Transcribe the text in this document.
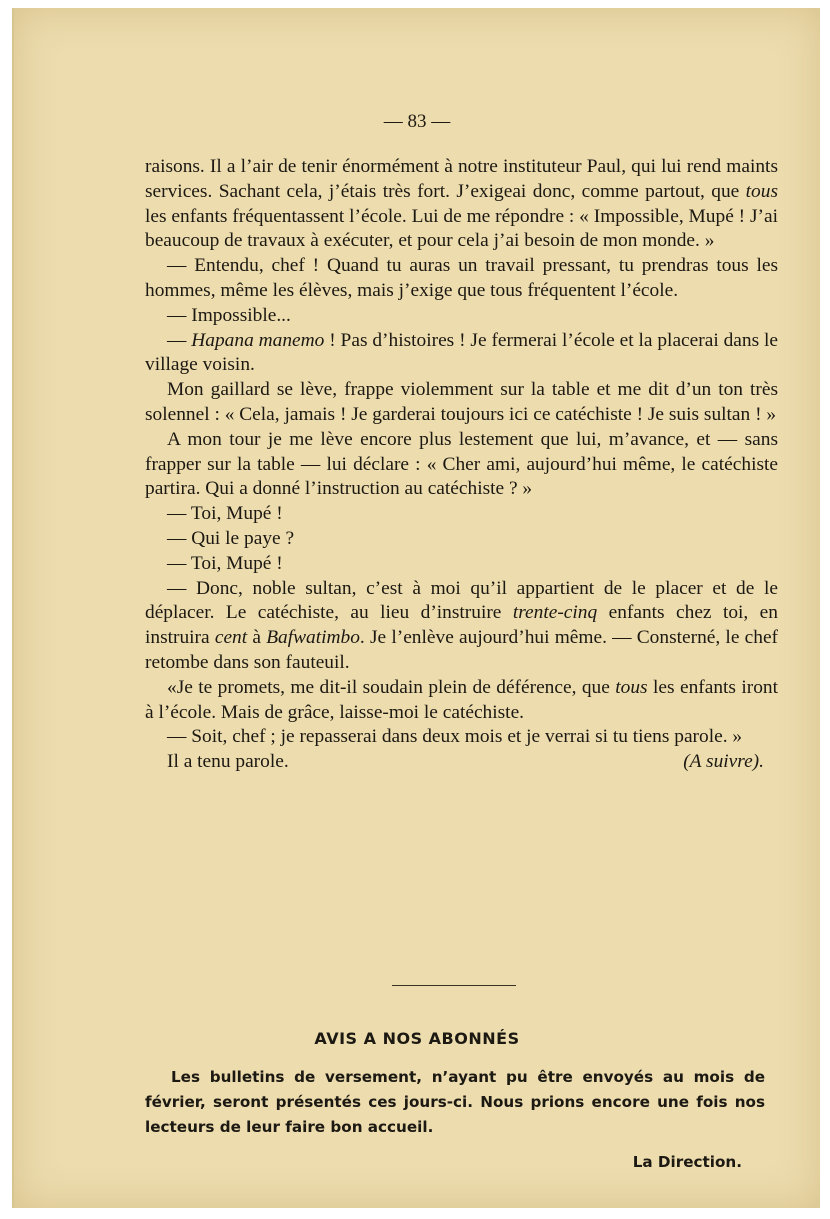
— 83 —

raisons. Il a l’air de tenir énormément à notre instituteur Paul, qui lui rend maints services. Sachant cela, j’étais très fort. J’exigeai donc, comme partout, que tous les enfants fréquentassent l’école. Lui de me répondre : « Impossible, Mupé ! J’ai beaucoup de travaux à exécuter, et pour cela j’ai besoin de mon monde. »

— Entendu, chef ! Quand tu auras un travail pressant, tu prendras tous les hommes, même les élèves, mais j’exige que tous fréquentent l’école.

— Impossible...

— Hapana manemo ! Pas d’histoires ! Je fermerai l’école et la placerai dans le village voisin.

Mon gaillard se lève, frappe violemment sur la table et me dit d’un ton très solennel : « Cela, jamais ! Je garderai toujours ici ce catéchiste ! Je suis sultan ! »

A mon tour je me lève encore plus lestement que lui, m’avance, et — sans frapper sur la table — lui déclare : « Cher ami, aujourd’hui même, le catéchiste partira. Qui a donné l’instruction au catéchiste ? »

— Toi, Mupé !

— Qui le paye ?

— Toi, Mupé !

— Donc, noble sultan, c’est à moi qu’il appartient de le placer et de le déplacer. Le catéchiste, au lieu d’instruire trente-cinq enfants chez toi, en instruira cent à Bafwatimbo. Je l’enlève aujourd’hui même. — Consterné, le chef retombe dans son fauteuil.

«Je te promets, me dit-il soudain plein de déférence, que tous les enfants iront à l’école. Mais de grâce, laisse-moi le catéchiste.

— Soit, chef ; je repasserai dans deux mois et je verrai si tu tiens parole. »

Il a tenu parole.	(A suivre).
AVIS A NOS ABONNÉS
Les bulletins de versement, n’ayant pu être envoyés au mois de février, seront présentés ces jours-ci. Nous prions encore une fois nos lecteurs de leur faire bon accueil.
La Direction.
